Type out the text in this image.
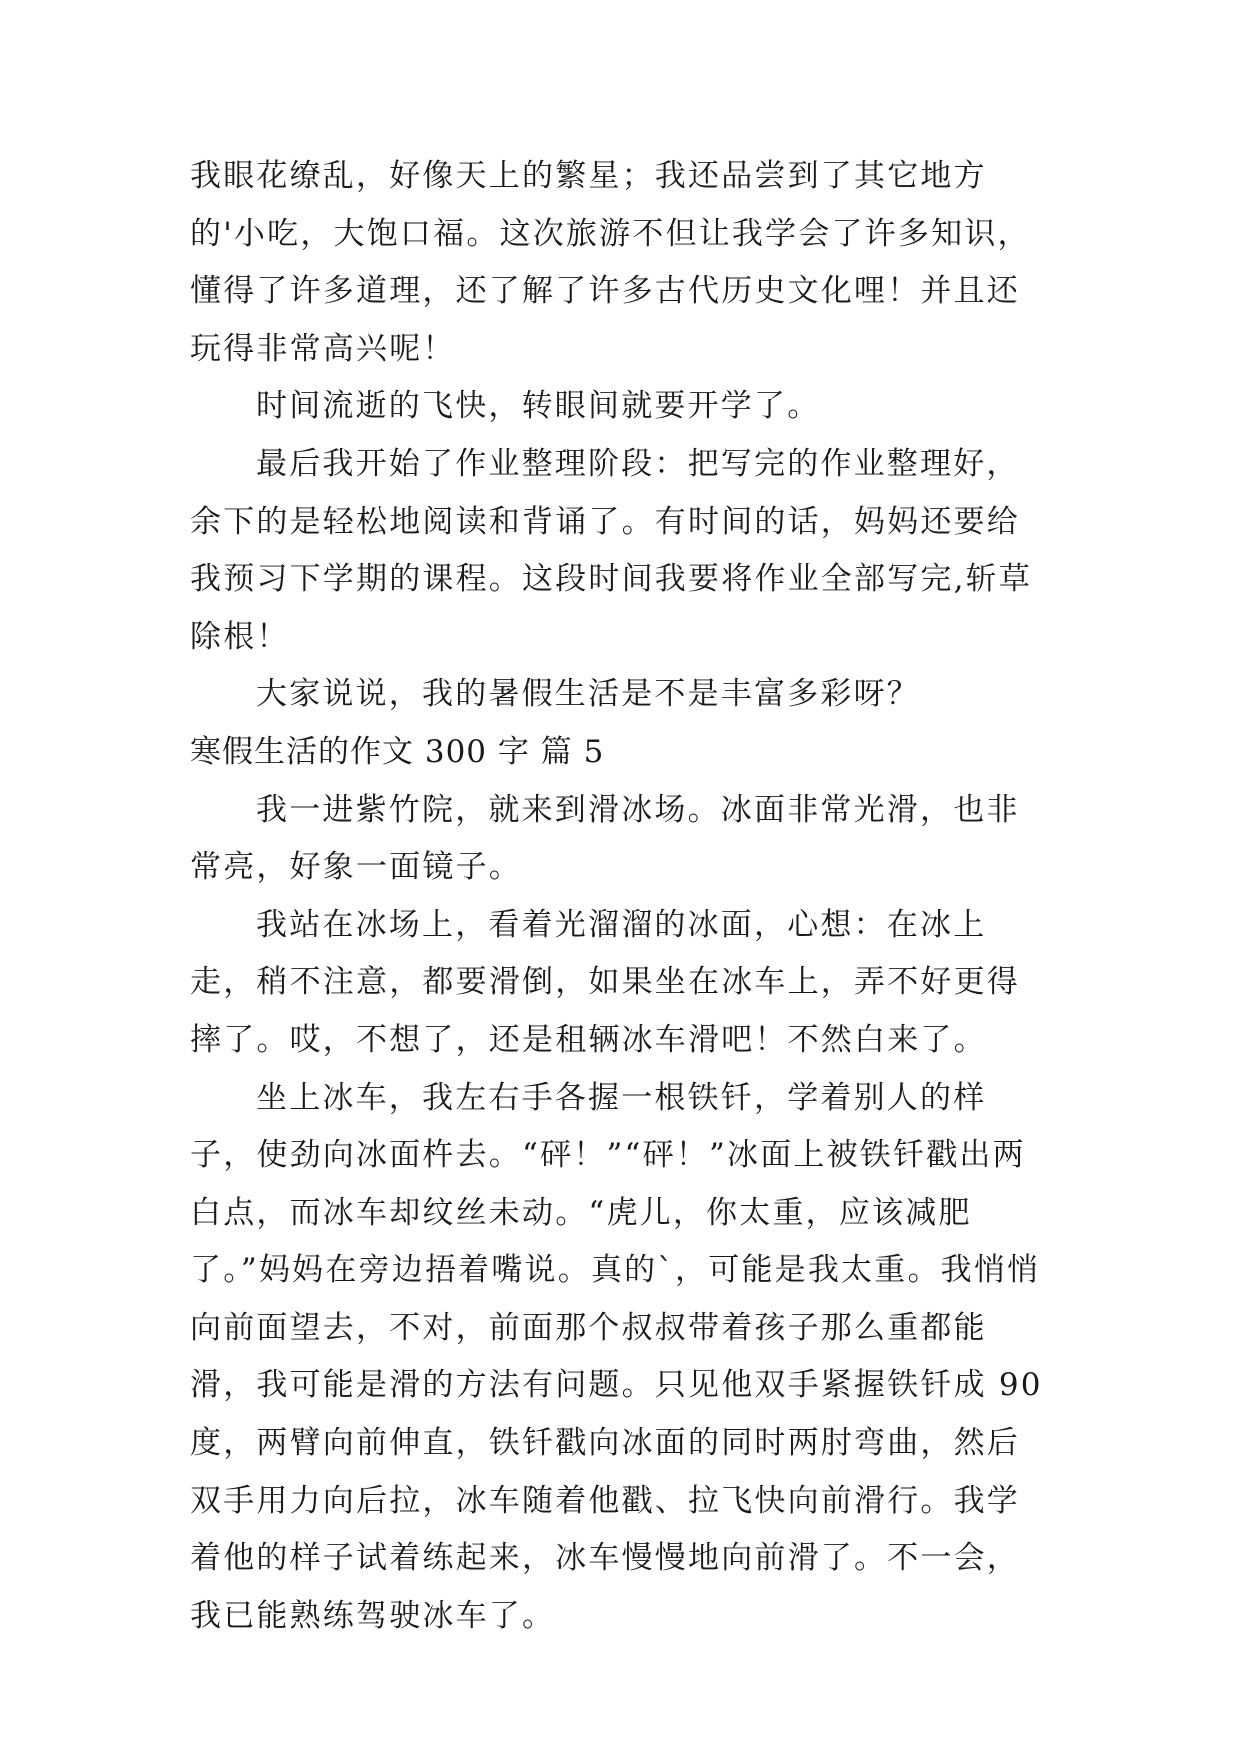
我眼花缭乱，好像天上的繁星；我还品尝到了其它地方的'小吃，大饱口福。这次旅游不但让我学会了许多知识，懂得了许多道理，还了解了许多古代历史文化哩！并且还玩得非常高兴呢！

时间流逝的飞快，转眼间就要开学了。

最后我开始了作业整理阶段：把写完的作业整理好，余下的是轻松地阅读和背诵了。有时间的话，妈妈还要给我预习下学期的课程。这段时间我要将作业全部写完,斩草除根！

大家说说，我的暑假生活是不是丰富多彩呀？

寒假生活的作文 300 字 篇 5

我一进紫竹院，就来到滑冰场。冰面非常光滑，也非常亮，好象一面镜子。

我站在冰场上，看着光溜溜的冰面，心想：在冰上走，稍不注意，都要滑倒，如果坐在冰车上，弄不好更得摔了。哎，不想了，还是租辆冰车滑吧！不然白来了。

坐上冰车，我左右手各握一根铁钎，学着别人的样子，使劲向冰面杵去。“砰！”“砰！”冰面上被铁钎戳出两白点，而冰车却纹丝未动。“虎儿，你太重，应该减肥了。”妈妈在旁边捂着嘴说。真的`，可能是我太重。我悄悄向前面望去，不对，前面那个叔叔带着孩子那么重都能滑，我可能是滑的方法有问题。只见他双手紧握铁钎成 90 度，两臂向前伸直，铁钎戳向冰面的同时两肘弯曲，然后双手用力向后拉，冰车随着他戳、拉飞快向前滑行。我学着他的样子试着练起来，冰车慢慢地向前滑了。不一会，我已能熟练驾驶冰车了。
